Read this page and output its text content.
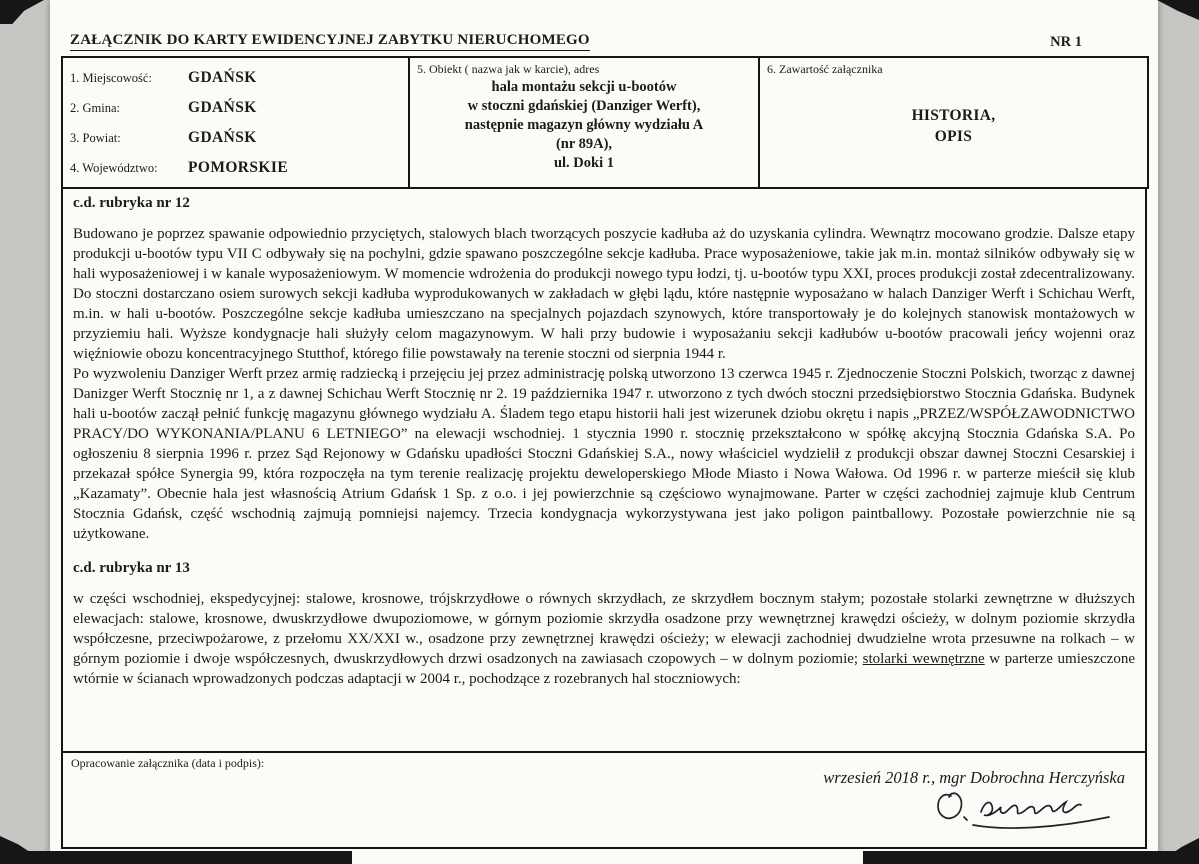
ZAŁĄCZNIK DO KARTY EWIDENCYJNEJ ZABYTKU NIERUCHOMEGO	NR 1
1. Miejscowość:	GDAŃSK
2. Gmina:	GDAŃSK
3. Powiat:	GDAŃSK
4. Województwo:	POMORSKIE

5. Obiekt ( nazwa jak w karcie), adres
hala montażu sekcji u-bootów
w stoczni gdańskiej (Danziger Werft),
następnie magazyn główny wydziału A
(nr 89A),
ul. Doki 1

6. Zawartość załącznika
HISTORIA,
OPIS
c.d. rubryka nr 12

Budowano je poprzez spawanie odpowiednio przyciętych, stalowych blach tworzących poszycie kadłuba aż do uzyskania cylindra. Wewnątrz mocowano grodzie. Dalsze etapy produkcji u-bootów typu VII C odbywały się na pochylni, gdzie spawano poszczególne sekcje kadłuba. Prace wyposażeniowe, takie jak m.in. montaż silników odbywały się w hali wyposażeniowej i w kanale wyposażeniowym. W momencie wdrożenia do produkcji nowego typu łodzi, tj. u-bootów typu XXI, proces produkcji został zdecentralizowany. Do stoczni dostarczano osiem surowych sekcji kadłuba wyprodukowanych w zakładach w głębi lądu, które następnie wyposażano w halach Danziger Werft i Schichau Werft, m.in. w hali u-bootów. Poszczególne sekcje kadłuba umieszczano na specjalnych pojazdach szynowych, które transportowały je do kolejnych stanowisk montażowych w przyziemiu hali. Wyższe kondygnacje hali służyły celom magazynowym. W hali przy budowie i wyposażaniu sekcji kadłubów u-bootów pracowali jeńcy wojenni oraz więźniowie obozu koncentracyjnego Stutthof, którego filie powstawały na terenie stoczni od sierpnia 1944 r.

Po wyzwoleniu Danziger Werft przez armię radziecką i przejęciu jej przez administrację polską utworzono 13 czerwca 1945 r. Zjednoczenie Stoczni Polskich, tworząc z dawnej Danizger Werft Stocznię nr 1, a z dawnej Schichau Werft Stocznię nr 2. 19 października 1947 r. utworzono z tych dwóch stoczni przedsiębiorstwo Stocznia Gdańska. Budynek hali u-bootów zaczął pełnić funkcję magazynu głównego wydziału A. Śladem tego etapu historii hali jest wizerunek dziobu okrętu i napis „PRZEZ/WSPÓŁZAWODNICTWO PRACY/DO WYKONANIA/PLANU 6 LETNIEGO” na elewacji wschodniej. 1 stycznia 1990 r. stocznię przekształcono w spółkę akcyjną Stocznia Gdańska S.A. Po ogłoszeniu 8 sierpnia 1996 r. przez Sąd Rejonowy w Gdańsku upadłości Stoczni Gdańskiej S.A., nowy właściciel wydzielił z produkcji obszar dawnej Stoczni Cesarskiej i przekazał spółce Synergia 99, która rozpoczęła na tym terenie realizację projektu deweloperskiego Młode Miasto i Nowa Wałowa. Od 1996 r. w parterze mieścił się klub „Kazamaty”. Obecnie hala jest własnością Atrium Gdańsk 1 Sp. z o.o. i jej powierzchnie są częściowo wynajmowane. Parter w części zachodniej zajmuje klub Centrum Stocznia Gdańsk, część wschodnią zajmują pomniejsi najemcy. Trzecia kondygnacja wykorzystywana jest jako poligon paintballowy. Pozostałe powierzchnie nie są użytkowane.

c.d. rubryka nr 13

w części wschodniej, ekspedycyjnej: stalowe, krosnowe, trójskrzydłowe o równych skrzydłach, ze skrzydłem bocznym stałym; pozostałe stolarki zewnętrzne w dłuższych elewacjach: stalowe, krosnowe, dwuskrzydłowe dwupoziomowe, w górnym poziomie skrzydła osadzone przy wewnętrznej krawędzi ościeży, w dolnym poziomie skrzydła współczesne, przeciwpożarowe, z przełomu XX/XXI w., osadzone przy zewnętrznej krawędzi ościeży; w elewacji zachodniej dwudzielne wrota przesuwne na rolkach – w górnym poziomie i dwoje współczesnych, dwuskrzydłowych drzwi osadzonych na zawiasach czopowych – w dolnym poziomie; stolarki wewnętrzne w parterze umieszczone wtórnie w ścianach wprowadzonych podczas adaptacji w 2004 r., pochodzące z rozebranych hal stoczniowych:

Opracowanie załącznika (data i podpis):
wrzesień 2018 r., mgr Dobrochna Herczyńska
